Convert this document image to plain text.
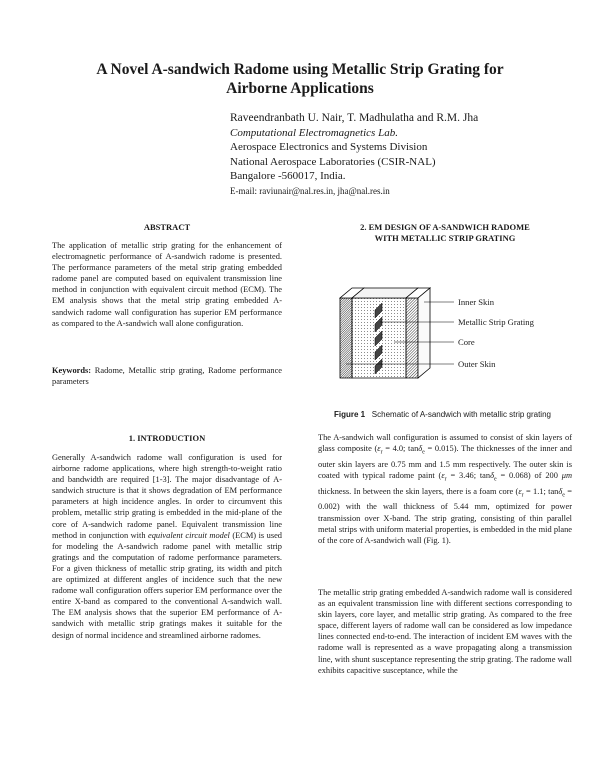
A Novel A-sandwich Radome using Metallic Strip Grating for
Airborne Applications
Raveendranbath U. Nair, T. Madhulatha and R.M. Jha
Computational Electromagnetics Lab.
Aerospace Electronics and Systems Division
National Aerospace Laboratories (CSIR-NAL)
Bangalore -560017, India.
E-mail: raviunair@nal.res.in, jha@nal.res.in
ABSTRACT

The application of metallic strip grating for the enhancement of electromagnetic performance of A-sandwich radome is presented. The performance parameters of the metal strip grating embedded radome panel are computed based on equivalent transmission line method in conjunction with equivalent circuit method (ECM). The EM analysis shows that the metal strip grating embedded A-sandwich radome wall configuration has superior EM performance as compared to the A-sandwich wall alone configuration.

Keywords: Radome, Metallic strip grating, Radome performance parameters

1. INTRODUCTION

Generally A-sandwich radome wall configuration is used for airborne radome applications, where high strength-to-weight ratio and bandwidth are required [1-3]. The major disadvantage of A-sandwich structure is that it shows degradation of EM performance parameters at high incidence angles. In order to circumvent this problem, metallic strip grating is embedded in the mid-plane of the core of A-sandwich radome panel. Equivalent transmission line method in conjunction with equivalent circuit model (ECM) is used for modeling the A-sandwich radome panel with metallic strip gratings and the computation of radome performance parameters. For a given thickness of metallic strip grating, its width and pitch are optimized at different angles of incidence such that the new radome wall configuration offers superior EM performance over the entire X-band as compared to the conventional A-sandwich wall. The EM analysis shows that the superior EM performance of A-sandwich with metallic strip gratings makes it suitable for the design of normal incidence and streamlined airborne radomes.

2. EM DESIGN OF A-SANDWICH RADOME
WITH METALLIC STRIP GRATING
Inner Skin
Metallic Strip Grating
Core
Outer Skin
Figure 1 Schematic of A-sandwich with metallic strip grating

The A-sandwich wall configuration is assumed to consist of skin layers of glass composite ($\varepsilon_r = 4.0$; tanδ$_e$ = 0.015). The thicknesses of the inner and outer skin layers are 0.75 mm and 1.5 mm respectively. The outer skin is coated with typical radome paint ($\varepsilon_r = 3.46$; tanδ$_e$ = 0.068) of 200 μm thickness. In between the skin layers, there is a foam core ($\varepsilon_r = 1.1$; tanδ$_e$ = 0.002) with the wall thickness of 5.44 mm, optimized for power transmission over X-band. The strip grating, consisting of thin parallel metal strips with uniform material properties, is embedded in the mid plane of the core of A-sandwich wall (Fig. 1).

The metallic strip grating embedded A-sandwich radome wall is considered as an equivalent transmission line with different sections corresponding to skin layers, core layer, and metallic strip grating. As compared to the free space, different layers of radome wall can be considered as low impedance lines connected end-to-end. The interaction of incident EM waves with the radome wall is represented as a wave propagating along a transmission line, with shunt susceptance representing the strip grating. The radome wall exhibits capacitive susceptance, while the
